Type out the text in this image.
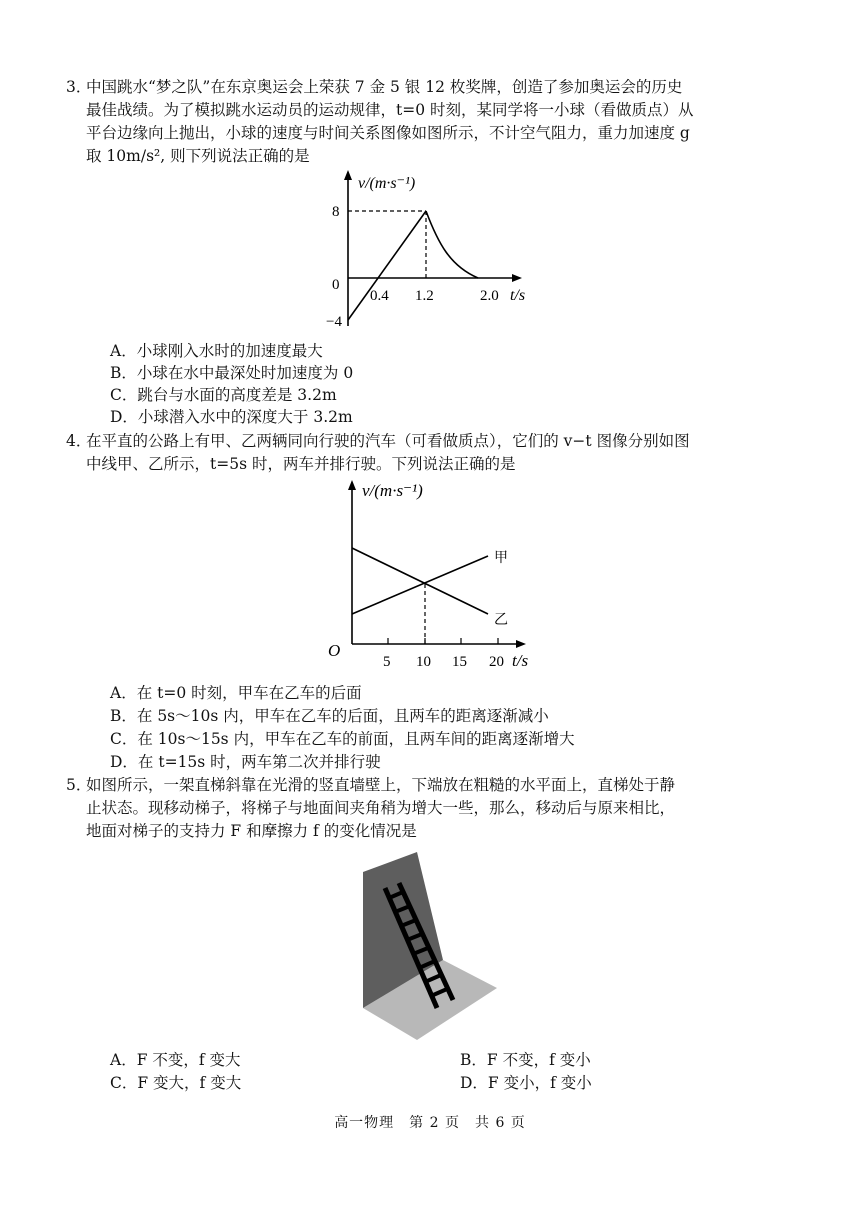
3．
中国跳水“梦之队”在东京奥运会上荣获 7 金 5 银 12 枚奖牌，创造了参加奥运会的历史
最佳战绩。为了模拟跳水运动员的运动规律，t=0 时刻，某同学将一小球（看做质点）从
平台边缘向上抛出，小球的速度与时间关系图像如图所示，不计空气阻力，重力加速度 g
取 10m/s², 则下列说法正确的是
v/(m·s⁻¹)
8
0
−4
0.4 1.2	2.0 t/s
A．小球刚入水时的加速度最大
B．小球在水中最深处时加速度为 0
C．跳台与水面的高度差是 3.2m
D．小球潜入水中的深度大于 3.2m
4．
在平直的公路上有甲、乙两辆同向行驶的汽车（可看做质点），它们的 v−t 图像分别如图
中线甲、乙所示，t=5s 时，两车并排行驶。下列说法正确的是
v/(m·s⁻¹)
O
5 10 15 20 t/s
甲
乙
A．在 t=0 时刻，甲车在乙车的后面
B．在 5s～10s 内，甲车在乙车的后面，且两车的距离逐渐减小
C．在 10s～15s 内，甲车在乙车的前面，且两车间的距离逐渐增大
D．在 t=15s 时，两车第二次并排行驶
5．
如图所示，一架直梯斜靠在光滑的竖直墙壁上，下端放在粗糙的水平面上，直梯处于静
止状态。现移动梯子，将梯子与地面间夹角稍为增大一些，那么，移动后与原来相比，
地面对梯子的支持力 F 和摩擦力 f 的变化情况是
A．F 不变，f 变大	B．F 不变，f 变小
C．F 变大，f 变大	D．F 变小，f 变小
高一物理　第 2 页　共 6 页
